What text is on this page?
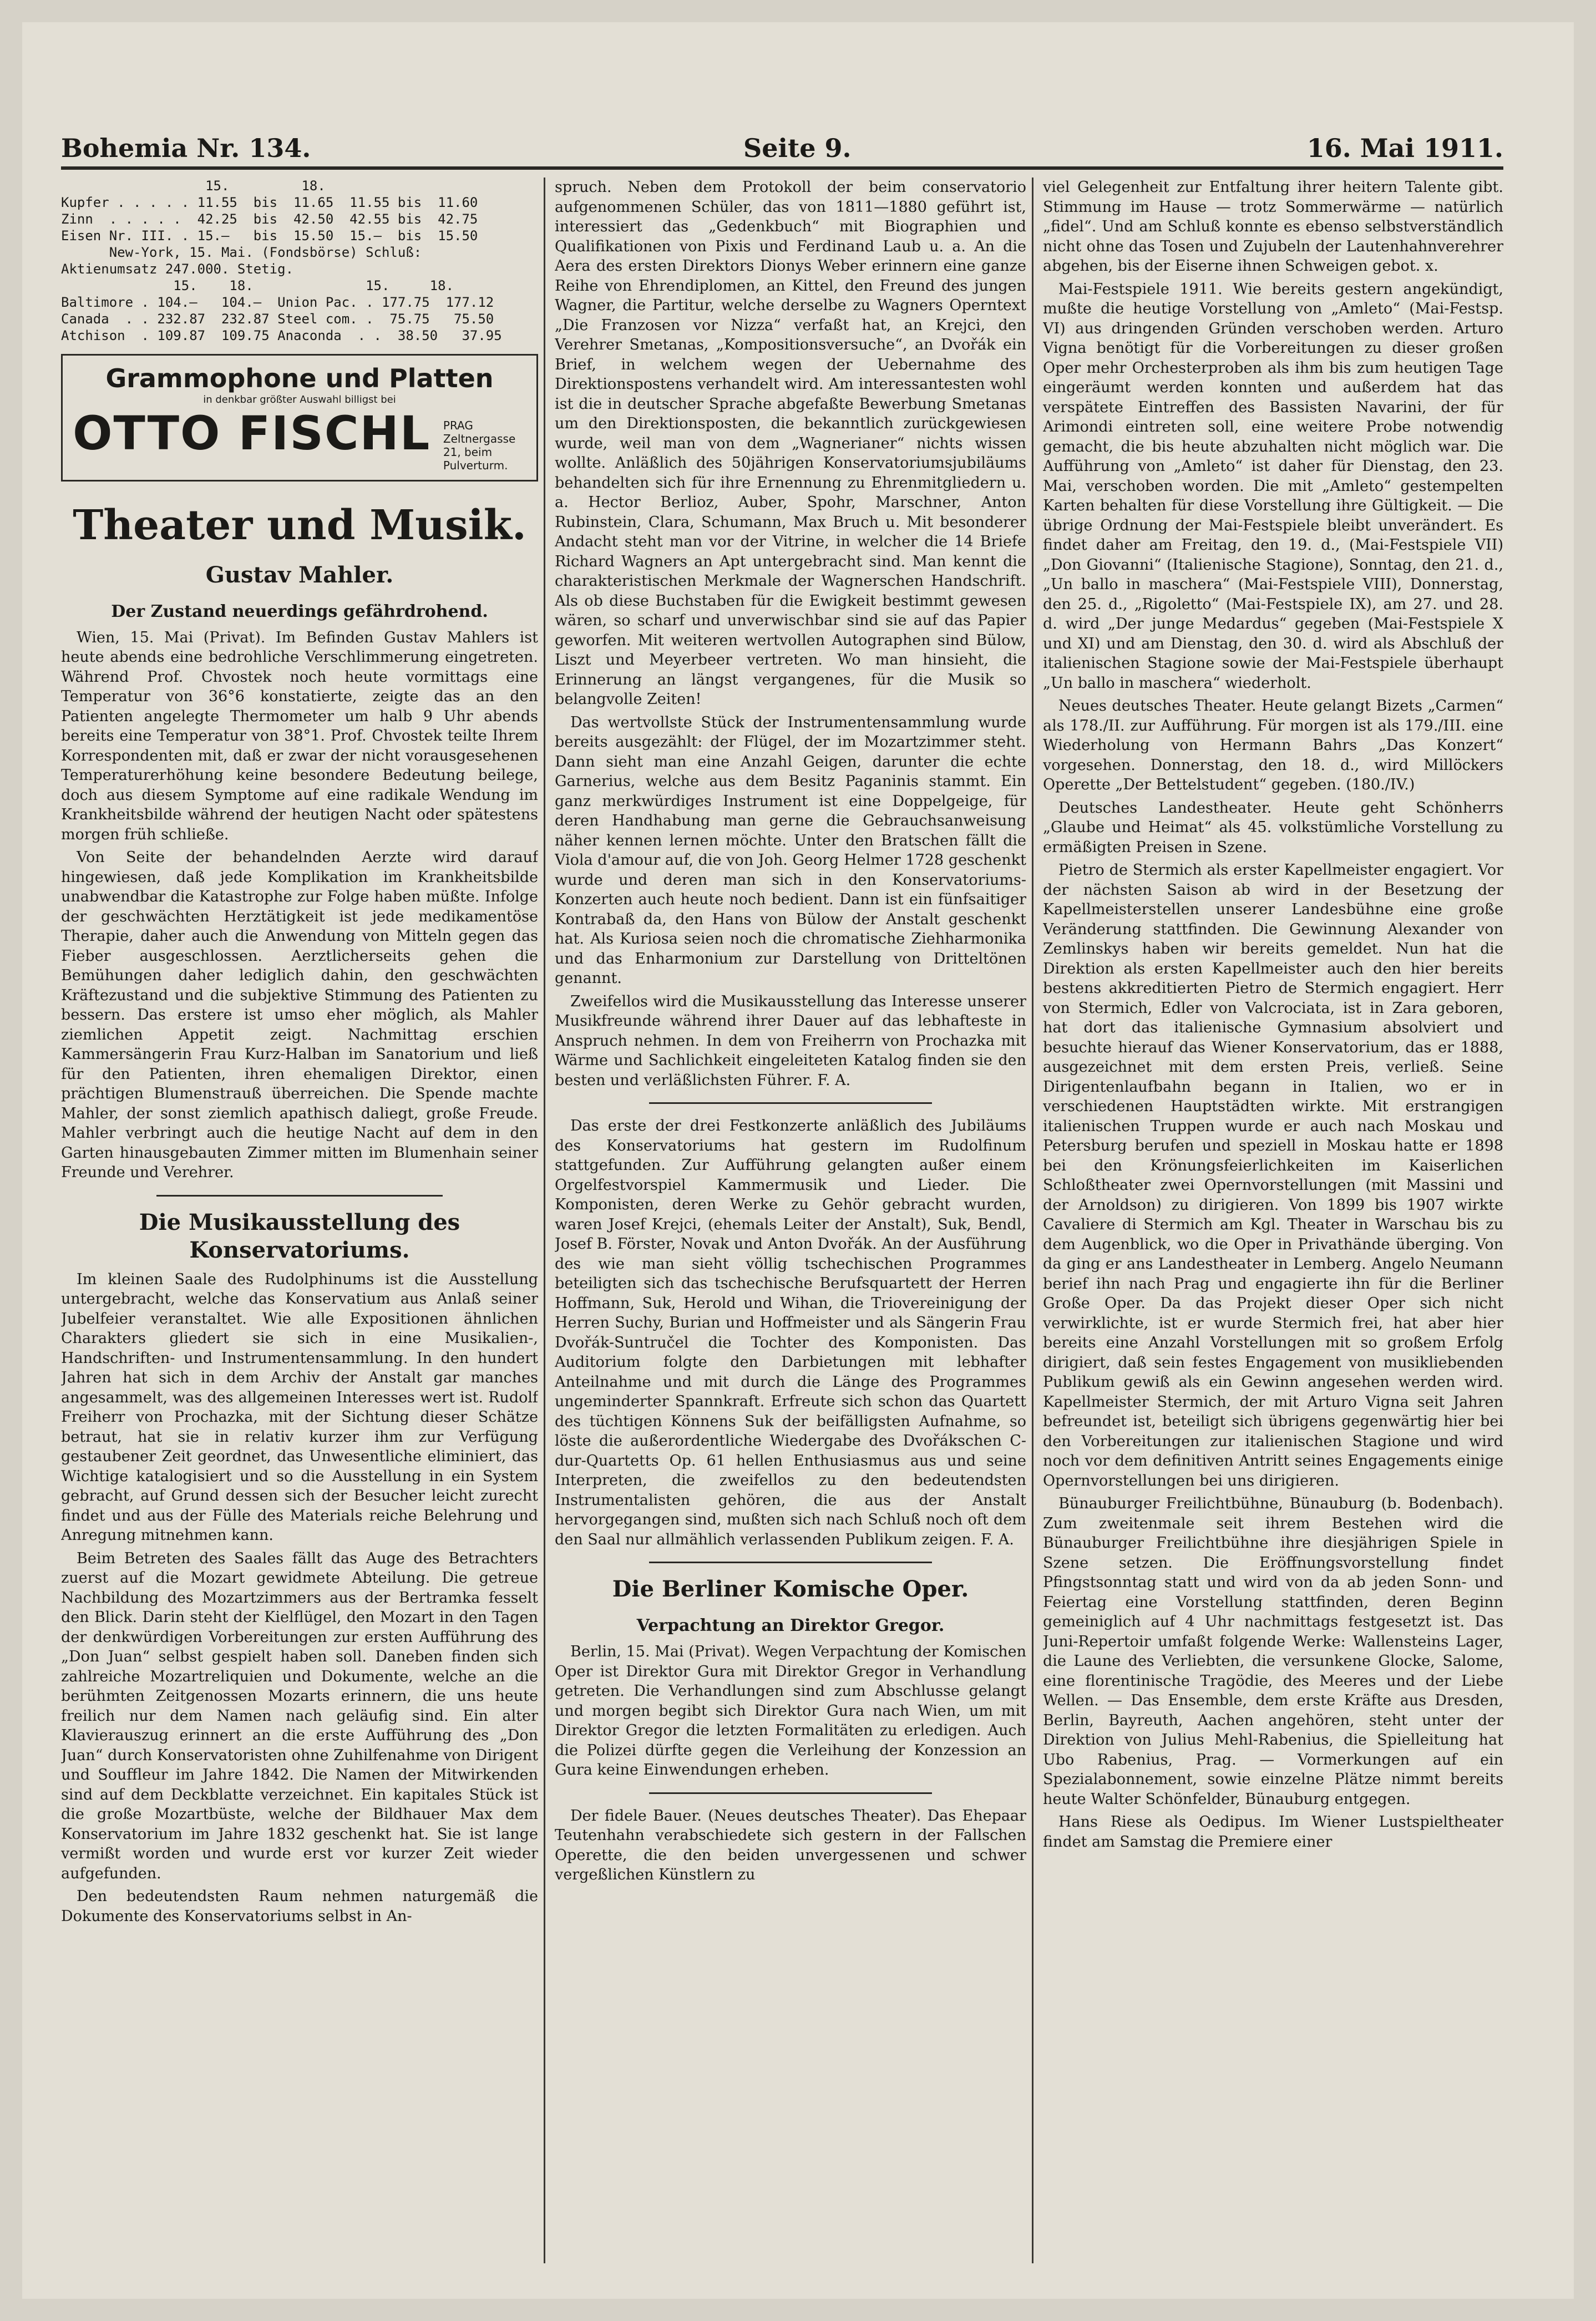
Bohemia Nr. 134.	Seite 9.	16. Mai 1911.
15.         18.
Kupfer . . . . . 11.55  bis  11.65  11.55 bis  11.60
Zinn  . . . . .  42.25  bis  42.50  42.55 bis  42.75
Eisen Nr. III. . 15.—   bis  15.50  15.—  bis  15.50
New-York, 15. Mai. (Fondsbörse) Schluß:
Aktienumsatz 247.000. Stetig.
15.    18.              15.     18.
Baltimore . 104.—   104.—  Union Pac. . 177.75  177.12
Canada  . . 232.87  232.87 Steel com. .  75.75   75.50
Atchison  . 109.87  109.75 Anaconda  . .  38.50   37.95
Grammophone und Platten
in denkbar größter Auswahl billigst bei
OTTO FISCHL PRAG Zeltnergasse 21, beim Pulverturm.
Theater und Musik.
Gustav Mahler.
Der Zustand neuerdings gefährdrohend.

Wien, 15. Mai (Privat). Im Befinden Gustav Mahlers ist heute abends eine bedrohliche Verschlimmerung eingetreten. Während Prof. Chvostek noch heute vormittags eine Temperatur von 36°6 konstatierte, zeigte das an den Patienten angelegte Thermometer um halb 9 Uhr abends bereits eine Temperatur von 38°1. Prof. Chvostek teilte Ihrem Korrespondenten mit, daß er zwar der nicht vorausgesehenen Temperaturerhöhung keine besondere Bedeutung beilege, doch aus diesem Symptome auf eine radikale Wendung im Krankheitsbilde während der heutigen Nacht oder spätestens morgen früh schließe.

Von Seite der behandelnden Aerzte wird darauf hingewiesen, daß jede Komplikation im Krankheitsbilde unabwendbar die Katastrophe zur Folge haben müßte. Infolge der geschwächten Herztätigkeit ist jede medikamentöse Therapie, daher auch die Anwendung von Mitteln gegen das Fieber ausgeschlossen. Aerztlicherseits gehen die Bemühungen daher lediglich dahin, den geschwächten Kräftezustand und die subjektive Stimmung des Patienten zu bessern. Das erstere ist umso eher möglich, als Mahler ziemlichen Appetit zeigt. Nachmittag erschien Kammersängerin Frau Kurz-Halban im Sanatorium und ließ für den Patienten, ihren ehemaligen Direktor, einen prächtigen Blumenstrauß überreichen. Die Spende machte Mahler, der sonst ziemlich apathisch daliegt, große Freude. Mahler verbringt auch die heutige Nacht auf dem in den Garten hinausgebauten Zimmer mitten im Blumenhain seiner Freunde und Verehrer.

Die Musikausstellung des Konservatoriums.

Im kleinen Saale des Rudolphinums ist die Ausstellung untergebracht, welche das Konservatium aus Anlaß seiner Jubelfeier veranstaltet. Wie alle Expositionen ähnlichen Charakters gliedert sie sich in eine Musikalien-, Handschriften- und Instrumentensammlung. In den hundert Jahren hat sich in dem Archiv der Anstalt gar manches angesammelt, was des allgemeinen Interesses wert ist. Rudolf Freiherr von Prochazka, mit der Sichtung dieser Schätze betraut, hat sie in relativ kurzer ihm zur Verfügung gestaubener Zeit geordnet, das Unwesentliche eliminiert, das Wichtige katalogisiert und so die Ausstellung in ein System gebracht, auf Grund dessen sich der Besucher leicht zurecht findet und aus der Fülle des Materials reiche Belehrung und Anregung mitnehmen kann.

Beim Betreten des Saales fällt das Auge des Betrachters zuerst auf die Mozart gewidmete Abteilung. Die getreue Nachbildung des Mozartzimmers aus der Bertramka fesselt den Blick. Darin steht der Kielflügel, den Mozart in den Tagen der denkwürdigen Vorbereitungen zur ersten Aufführung des „Don Juan“ selbst gespielt haben soll. Daneben finden sich zahlreiche Mozartreliquien und Dokumente, welche an die berühmten Zeitgenossen Mozarts erinnern, die uns heute freilich nur dem Namen nach geläufig sind. Ein alter Klavierauszug erinnert an die erste Aufführung des „Don Juan“ durch Konservatoristen ohne Zuhilfenahme von Dirigent und Souffleur im Jahre 1842. Die Namen der Mitwirkenden sind auf dem Deckblatte verzeichnet. Ein kapitales Stück ist die große Mozartbüste, welche der Bildhauer Max dem Konservatorium im Jahre 1832 geschenkt hat. Sie ist lange vermißt worden und wurde erst vor kurzer Zeit wieder aufgefunden.

Den bedeutendsten Raum nehmen naturgemäß die Dokumente des Konservatoriums selbst in An-

spruch. Neben dem Protokoll der beim conservatorio aufgenommenen Schüler, das von 1811—1880 geführt ist, interessiert das „Gedenkbuch“ mit Biographien und Qualifikationen von Pixis und Ferdinand Laub u. a. An die Aera des ersten Direktors Dionys Weber erinnern eine ganze Reihe von Ehrendiplomen, an Kittel, den Freund des jungen Wagner, die Partitur, welche derselbe zu Wagners Operntext „Die Franzosen vor Nizza“ verfaßt hat, an Krejci, den Verehrer Smetanas, „Kompositionsversuche“, an Dvořák ein Brief, in welchem wegen der Uebernahme des Direktionspostens verhandelt wird. Am interessantesten wohl ist die in deutscher Sprache abgefaßte Bewerbung Smetanas um den Direktionsposten, die bekanntlich zurückgewiesen wurde, weil man von dem „Wagnerianer“ nichts wissen wollte. Anläßlich des 50jährigen Konservatoriumsjubiläums behandelten sich für ihre Ernennung zu Ehrenmitgliedern u. a. Hector Berlioz, Auber, Spohr, Marschner, Anton Rubinstein, Clara, Schumann, Max Bruch u. Mit besonderer Andacht steht man vor der Vitrine, in welcher die 14 Briefe Richard Wagners an Apt untergebracht sind. Man kennt die charakteristischen Merkmale der Wagnerschen Handschrift. Als ob diese Buchstaben für die Ewigkeit bestimmt gewesen wären, so scharf und unverwischbar sind sie auf das Papier geworfen. Mit weiteren wertvollen Autographen sind Bülow, Liszt und Meyerbeer vertreten. Wo man hinsieht, die Erinnerung an längst vergangenes, für die Musik so belangvolle Zeiten!

Das wertvollste Stück der Instrumentensammlung wurde bereits ausgezählt: der Flügel, der im Mozartzimmer steht. Dann sieht man eine Anzahl Geigen, darunter die echte Garnerius, welche aus dem Besitz Paganinis stammt. Ein ganz merkwürdiges Instrument ist eine Doppelgeige, für deren Handhabung man gerne die Gebrauchsanweisung näher kennen lernen möchte. Unter den Bratschen fällt die Viola d'amour auf, die von Joh. Georg Helmer 1728 geschenkt wurde und deren man sich in den Konservatoriums-Konzerten auch heute noch bedient. Dann ist ein fünfsaitiger Kontrabaß da, den Hans von Bülow der Anstalt geschenkt hat. Als Kuriosa seien noch die chromatische Ziehharmonika und das Enharmonium zur Darstellung von Dritteltönen genannt.

Zweifellos wird die Musikausstellung das Interesse unserer Musikfreunde während ihrer Dauer auf das lebhafteste in Anspruch nehmen. In dem von Freiherrn von Prochazka mit Wärme und Sachlichkeit eingeleiteten Katalog finden sie den besten und verläßlichsten Führer. F. A.

Das erste der drei Festkonzerte anläßlich des Jubiläums des Konservatoriums hat gestern im Rudolfinum stattgefunden. Zur Aufführung gelangten außer einem Orgelfestvorspiel Kammermusik und Lieder. Die Komponisten, deren Werke zu Gehör gebracht wurden, waren Josef Krejci, (ehemals Leiter der Anstalt), Suk, Bendl, Josef B. Förster, Novak und Anton Dvořák. An der Ausführung des wie man sieht völlig tschechischen Programmes beteiligten sich das tschechische Berufsquartett der Herren Hoffmann, Suk, Herold und Wihan, die Triovereinigung der Herren Suchy, Burian und Hoffmeister und als Sängerin Frau Dvořák-Suntručel die Tochter des Komponisten. Das Auditorium folgte den Darbietungen mit lebhafter Anteilnahme und mit durch die Länge des Programmes ungeminderter Spannkraft. Erfreute sich schon das Quartett des tüchtigen Könnens Suk der beifälligsten Aufnahme, so löste die außerordentliche Wiedergabe des Dvořákschen C-dur-Quartetts Op. 61 hellen Enthusiasmus aus und seine Interpreten, die zweifellos zu den bedeutendsten Instrumentalisten gehören, die aus der Anstalt hervorgegangen sind, mußten sich nach Schluß noch oft dem den Saal nur allmählich verlassenden Publikum zeigen. F. A.

Die Berliner Komische Oper.
Verpachtung an Direktor Gregor.

Berlin, 15. Mai (Privat). Wegen Verpachtung der Komischen Oper ist Direktor Gura mit Direktor Gregor in Verhandlung getreten. Die Verhandlungen sind zum Abschlusse gelangt und morgen begibt sich Direktor Gura nach Wien, um mit Direktor Gregor die letzten Formalitäten zu erledigen. Auch die Polizei dürfte gegen die Verleihung der Konzession an Gura keine Einwendungen erheben.

Der fidele Bauer. (Neues deutsches Theater). Das Ehepaar Teutenhahn verabschiedete sich gestern in der Fallschen Operette, die den beiden unvergessenen und schwer vergeßlichen Künstlern zu

viel Gelegenheit zur Entfaltung ihrer heitern Talente gibt. Stimmung im Hause — trotz Sommerwärme — natürlich „fidel“. Und am Schluß konnte es ebenso selbstverständlich nicht ohne das Tosen und Zujubeln der Lautenhahnverehrer abgehen, bis der Eiserne ihnen Schweigen gebot. x.

Mai-Festspiele 1911. Wie bereits gestern angekündigt, mußte die heutige Vorstellung von „Amleto“ (Mai-Festsp. VI) aus dringenden Gründen verschoben werden. Arturo Vigna benötigt für die Vorbereitungen zu dieser großen Oper mehr Orchesterproben als ihm bis zum heutigen Tage eingeräumt werden konnten und außerdem hat das verspätete Eintreffen des Bassisten Navarini, der für Arimondi eintreten soll, eine weitere Probe notwendig gemacht, die bis heute abzuhalten nicht möglich war. Die Aufführung von „Amleto“ ist daher für Dienstag, den 23. Mai, verschoben worden. Die mit „Amleto“ gestempelten Karten behalten für diese Vorstellung ihre Gültigkeit. — Die übrige Ordnung der Mai-Festspiele bleibt unverändert. Es findet daher am Freitag, den 19. d., (Mai-Festspiele VII) „Don Giovanni“ (Italienische Stagione), Sonntag, den 21. d., „Un ballo in maschera“ (Mai-Festspiele VIII), Donnerstag, den 25. d., „Rigoletto“ (Mai-Festspiele IX), am 27. und 28. d. wird „Der junge Medardus“ gegeben (Mai-Festspiele X und XI) und am Dienstag, den 30. d. wird als Abschluß der italienischen Stagione sowie der Mai-Festspiele überhaupt „Un ballo in maschera“ wiederholt.

Neues deutsches Theater. Heute gelangt Bizets „Carmen“ als 178./II. zur Aufführung. Für morgen ist als 179./III. eine Wiederholung von Hermann Bahrs „Das Konzert“ vorgesehen. Donnerstag, den 18. d., wird Millöckers Operette „Der Bettelstudent“ gegeben. (180./IV.)

Deutsches Landestheater. Heute geht Schönherrs „Glaube und Heimat“ als 45. volkstümliche Vorstellung zu ermäßigten Preisen in Szene.

Pietro de Stermich als erster Kapellmeister engagiert. Vor der nächsten Saison ab wird in der Besetzung der Kapellmeisterstellen unserer Landesbühne eine große Veränderung stattfinden. Die Gewinnung Alexander von Zemlinskys haben wir bereits gemeldet. Nun hat die Direktion als ersten Kapellmeister auch den hier bereits bestens akkreditierten Pietro de Stermich engagiert. Herr von Stermich, Edler von Valcrociata, ist in Zara geboren, hat dort das italienische Gymnasium absolviert und besuchte hierauf das Wiener Konservatorium, das er 1888, ausgezeichnet mit dem ersten Preis, verließ. Seine Dirigentenlaufbahn begann in Italien, wo er in verschiedenen Hauptstädten wirkte. Mit erstrangigen italienischen Truppen wurde er auch nach Moskau und Petersburg berufen und speziell in Moskau hatte er 1898 bei den Krönungsfeierlichkeiten im Kaiserlichen Schloßtheater zwei Opernvorstellungen (mit Massini und der Arnoldson) zu dirigieren. Von 1899 bis 1907 wirkte Cavaliere di Stermich am Kgl. Theater in Warschau bis zu dem Augenblick, wo die Oper in Privathände überging. Von da ging er ans Landestheater in Lemberg. Angelo Neumann berief ihn nach Prag und engagierte ihn für die Berliner Große Oper. Da das Projekt dieser Oper sich nicht verwirklichte, ist er wurde Stermich frei, hat aber hier bereits eine Anzahl Vorstellungen mit so großem Erfolg dirigiert, daß sein festes Engagement von musikliebenden Publikum gewiß als ein Gewinn angesehen werden wird. Kapellmeister Stermich, der mit Arturo Vigna seit Jahren befreundet ist, beteiligt sich übrigens gegenwärtig hier bei den Vorbereitungen zur italienischen Stagione und wird noch vor dem definitiven Antritt seines Engagements einige Opernvorstellungen bei uns dirigieren.

Bünauburger Freilichtbühne, Bünauburg (b. Bodenbach). Zum zweitenmale seit ihrem Bestehen wird die Bünauburger Freilichtbühne ihre diesjährigen Spiele in Szene setzen. Die Eröffnungsvorstellung findet Pfingstsonntag statt und wird von da ab jeden Sonn- und Feiertag eine Vorstellung stattfinden, deren Beginn gemeiniglich auf 4 Uhr nachmittags festgesetzt ist. Das Juni-Repertoir umfaßt folgende Werke: Wallensteins Lager, die Laune des Verliebten, die versunkene Glocke, Salome, eine florentinische Tragödie, des Meeres und der Liebe Wellen. — Das Ensemble, dem erste Kräfte aus Dresden, Berlin, Bayreuth, Aachen angehören, steht unter der Direktion von Julius Mehl-Rabenius, die Spielleitung hat Ubo Rabenius, Prag. — Vormerkungen auf ein Spezialabonnement, sowie einzelne Plätze nimmt bereits heute Walter Schönfelder, Bünauburg entgegen.

Hans Riese als Oedipus. Im Wiener Lustspieltheater findet am Samstag die Premiere einer
